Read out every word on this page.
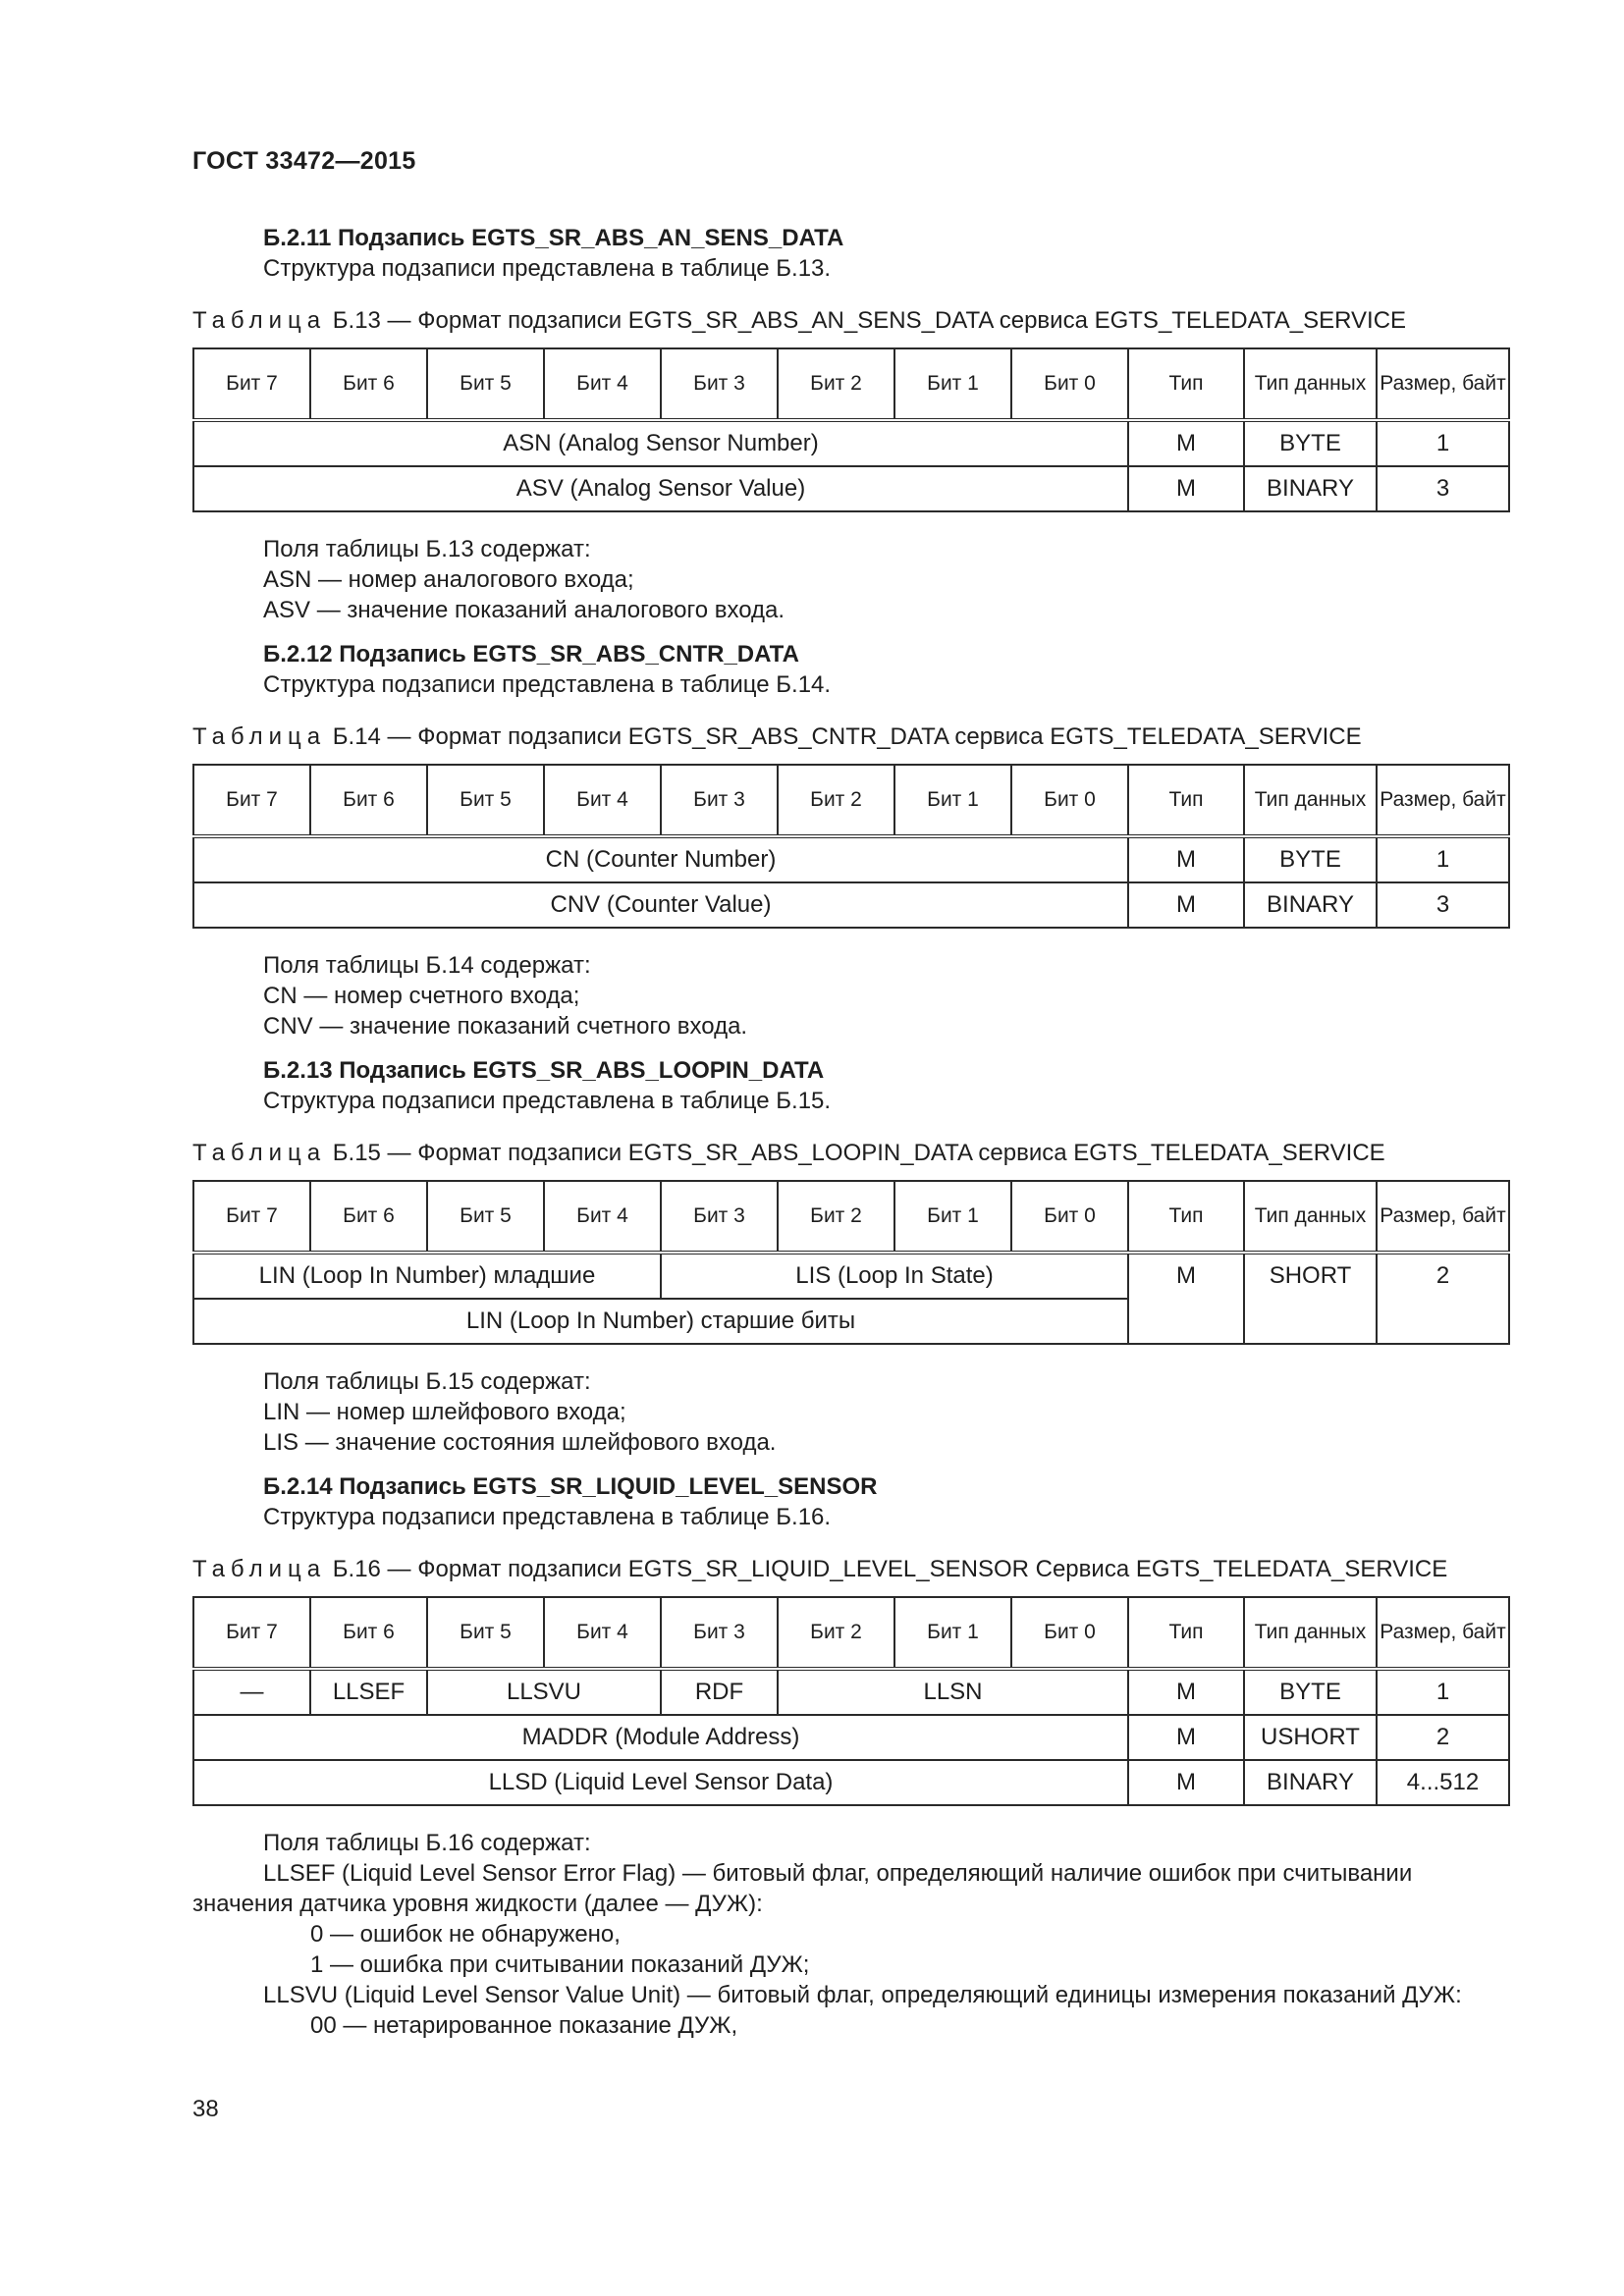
ГОСТ 33472—2015
Б.2.11 Подзапись EGTS_SR_ABS_AN_SENS_DATA
Структура подзаписи представлена в таблице Б.13.
Таблица Б.13 — Формат подзаписи EGTS_SR_ABS_AN_SENS_DATA сервиса EGTS_TELEDATA_SERVICE
Бит 7	Бит 6	Бит 5	Бит 4	Бит 3	Бит 2	Бит 1	Бит 0	Тип	Тип данных	Размер, байт
ASN (Analog Sensor Number)								M	BYTE	1
ASV (Analog Sensor Value)								M	BINARY	3
Поля таблицы Б.13 содержат:
ASN — номер аналогового входа;
ASV — значение показаний аналогового входа.
Б.2.12 Подзапись EGTS_SR_ABS_CNTR_DATA
Структура подзаписи представлена в таблице Б.14.
Таблица Б.14 — Формат подзаписи EGTS_SR_ABS_CNTR_DATA сервиса EGTS_TELEDATA_SERVICE
Бит 7	Бит 6	Бит 5	Бит 4	Бит 3	Бит 2	Бит 1	Бит 0	Тип	Тип данных	Размер, байт
CN (Counter Number)								M	BYTE	1
CNV (Counter Value)								M	BINARY	3
Поля таблицы Б.14 содержат:
CN — номер счетного входа;
CNV — значение показаний счетного входа.
Б.2.13 Подзапись EGTS_SR_ABS_LOOPIN_DATA
Структура подзаписи представлена в таблице Б.15.
Таблица Б.15 — Формат подзаписи EGTS_SR_ABS_LOOPIN_DATA сервиса EGTS_TELEDATA_SERVICE
Бит 7	Бит 6	Бит 5	Бит 4	Бит 3	Бит 2	Бит 1	Бит 0	Тип	Тип данных	Размер, байт
LIN (Loop In Number) младшие				LIS (Loop In State)				M	SHORT	2
LIN (Loop In Number) старшие биты										
Поля таблицы Б.15 содержат:
LIN — номер шлейфового входа;
LIS — значение состояния шлейфового входа.
Б.2.14 Подзапись EGTS_SR_LIQUID_LEVEL_SENSOR
Структура подзаписи представлена в таблице Б.16.
Таблица Б.16 — Формат подзаписи EGTS_SR_LIQUID_LEVEL_SENSOR Сервиса EGTS_TELEDATA_SERVICE
Бит 7	Бит 6	Бит 5	Бит 4	Бит 3	Бит 2	Бит 1	Бит 0	Тип	Тип данных	Размер, байт
—	LLSEF	LLSVU		RDF	LLSN			M	BYTE	1
MADDR (Module Address)								M	USHORT	2
LLSD (Liquid Level Sensor Data)								M	BINARY	4...512
Поля таблицы Б.16 содержат:
LLSEF (Liquid Level Sensor Error Flag) — битовый флаг, определяющий наличие ошибок при считывании значения датчика уровня жидкости (далее — ДУЖ):
0 — ошибок не обнаружено,
1 — ошибка при считывании показаний ДУЖ;
LLSVU (Liquid Level Sensor Value Unit) — битовый флаг, определяющий единицы измерения показаний ДУЖ:
00 — нетарированное показание ДУЖ,
38
